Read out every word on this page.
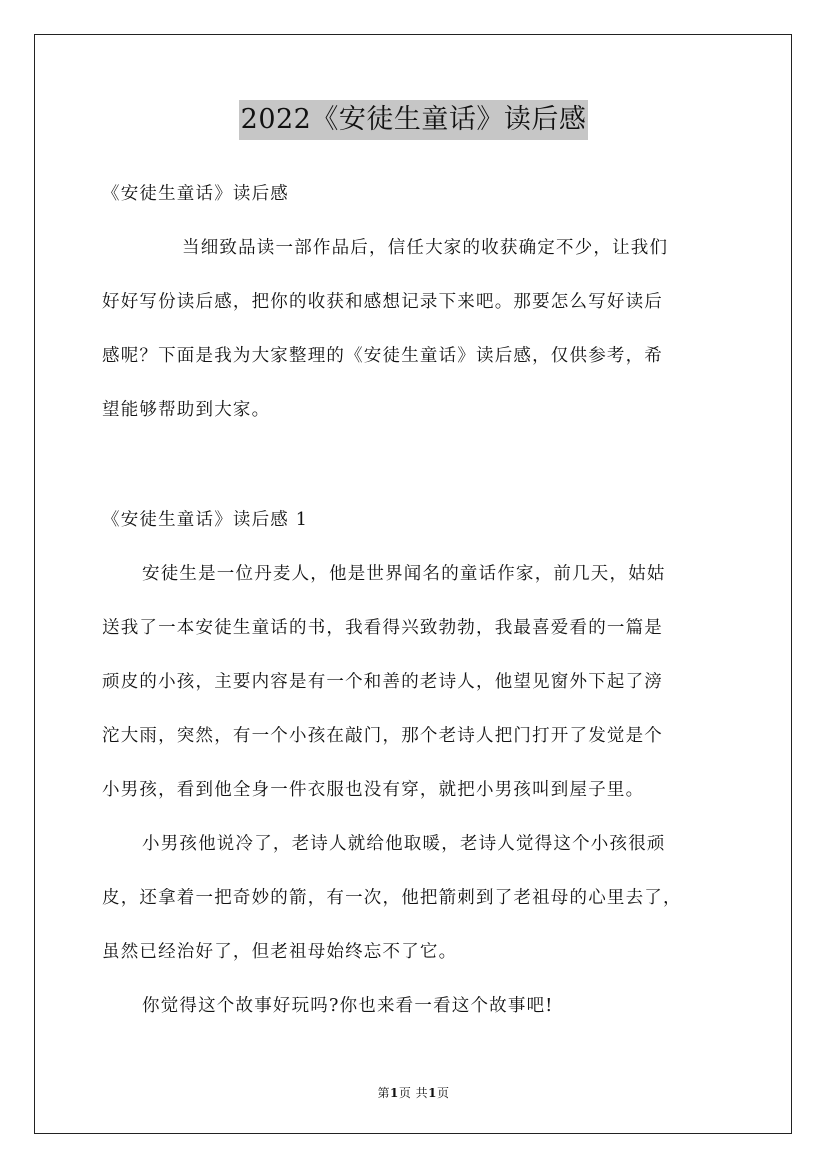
2022《安徒生童话》读后感
《安徒生童话》读后感
当细致品读一部作品后，信任大家的收获确定不少，让我们
好好写份读后感，把你的收获和感想记录下来吧。那要怎么写好读后
感呢？下面是我为大家整理的《安徒生童话》读后感，仅供参考，希
望能够帮助到大家。
《安徒生童话》读后感 1
安徒生是一位丹麦人，他是世界闻名的童话作家，前几天，姑姑
送我了一本安徒生童话的书，我看得兴致勃勃，我最喜爱看的一篇是
顽皮的小孩，主要内容是有一个和善的老诗人，他望见窗外下起了滂
沱大雨，突然，有一个小孩在敲门，那个老诗人把门打开了发觉是个
小男孩，看到他全身一件衣服也没有穿，就把小男孩叫到屋子里。
小男孩他说冷了，老诗人就给他取暖，老诗人觉得这个小孩很顽
皮，还拿着一把奇妙的箭，有一次，他把箭刺到了老祖母的心里去了，
虽然已经治好了，但老祖母始终忘不了它。
你觉得这个故事好玩吗?你也来看一看这个故事吧!
第1页 共1页
